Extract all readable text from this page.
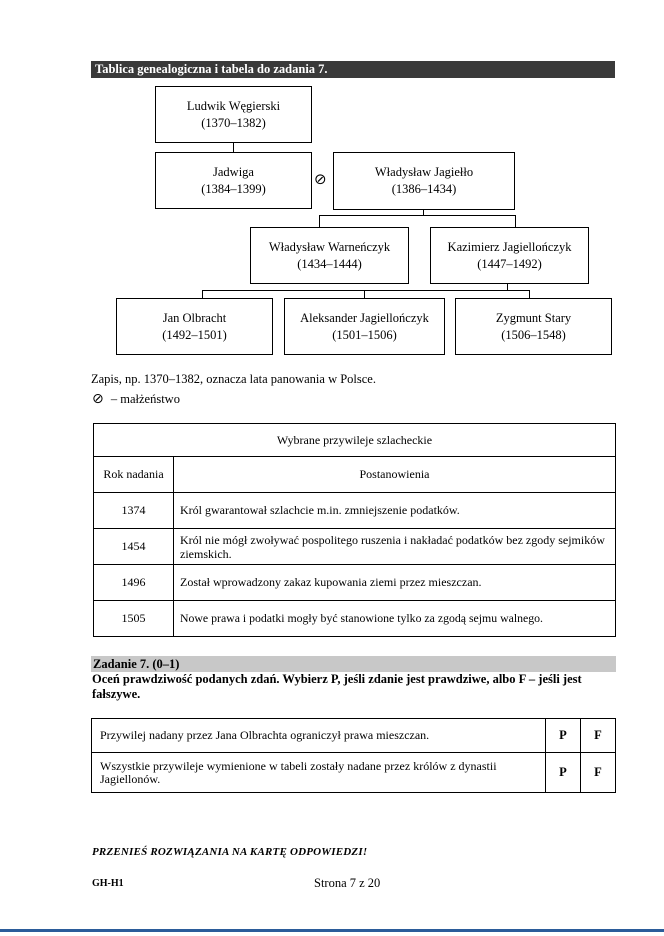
Tablica genealogiczna i tabela do zadania 7.
Ludwik Węgierski
(1370–1382)
Jadwiga
(1384–1399)
⊘	Władysław Jagiełło
(1386–1434)
Władysław Warneńczyk
(1434–1444)
Kazimierz Jagiellończyk
(1447–1492)
Jan Olbracht
(1492–1501)
Aleksander Jagiellończyk
(1501–1506)
Zygmunt Stary
(1506–1548)
Zapis, np. 1370–1382, oznacza lata panowania w Polsce.
⊘ – małżeństwo
Wybrane przywileje szlacheckie	
Rok nadania	Postanowienia
1374	Król gwarantował szlachcie m.in. zmniejszenie podatków.
1454	Król nie mógł zwoływać pospolitego ruszenia i nakładać podatków bez zgody sejmików ziemskich.
1496	Został wprowadzony zakaz kupowania ziemi przez mieszczan.
1505	Nowe prawa i podatki mogły być stanowione tylko za zgodą sejmu walnego.
Zadanie 7. (0–1)
Oceń prawdziwość podanych zdań. Wybierz P, jeśli zdanie jest prawdziwe, albo F – jeśli jest fałszywe.
Przywilej nadany przez Jana Olbrachta ograniczył prawa mieszczan.	P	F
Wszystkie przywileje wymienione w tabeli zostały nadane przez królów z dynastii Jagiellonów.	P	F
PRZENIEŚ ROZWIĄZANIA NA KARTĘ ODPOWIEDZI!
GH-H1	Strona 7 z 20
